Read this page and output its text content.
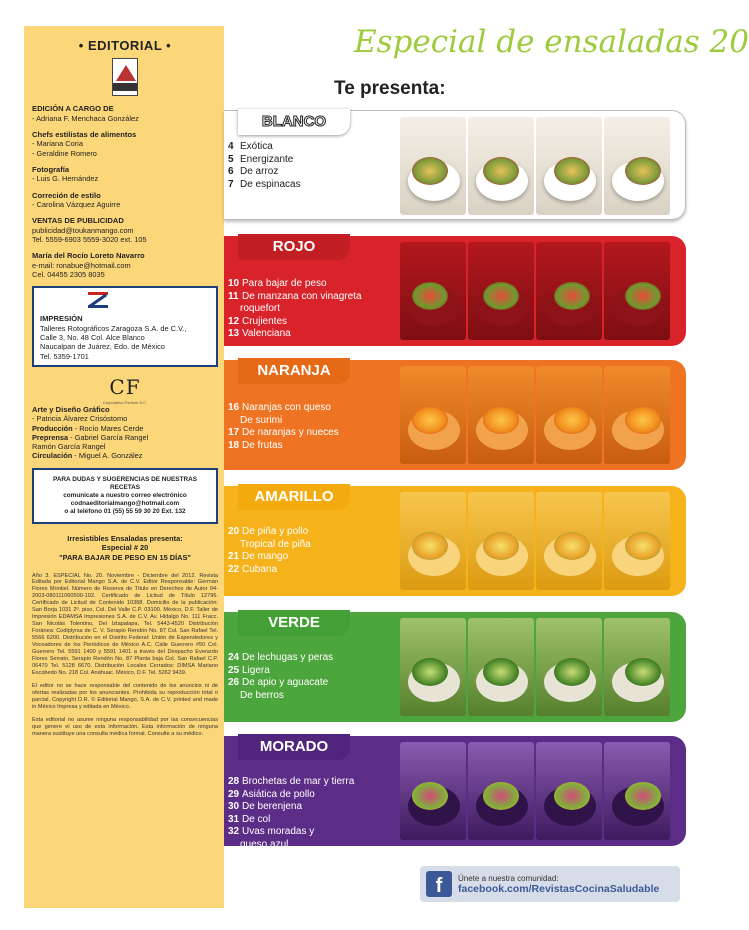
• EDITORIAL •
EDICIÓN A CARGO DE
- Adriana F. Menchaca González
Chefs estilistas de alimentos
- Mariana Coria
- Geraldine Romero
Fotografía
- Luis G. Hernández
Correción de estilo
- Carolina Vázquez Aguirre
VENTAS DE PUBLICIDAD
publicidad@toukanmango.com
Tel. 5559-6903 5559-3020 ext. 105
María del Rocío Loreto Navarro
e-mail: ronabue@hotmail.com
Cel. 04455 2305 8035
IMPRESIÓN
Talleres Rotográficos Zaragoza S.A. de C.V.,
Calle 3, No. 48 Col. Alce Blanco
Naucalpan de Juárez, Edo. de México
Tel. 5359-1701
CF
Corporativo Fortium S.C.
Arte y Diseño Gráfico
- Patricia Álvarez Crisóstomo
Producción - Rocío Mares Cerde
Preprensa - Gabriel García Rangel
Ramón García Rangel
Circulación - Miguel A. González
PARA DUDAS Y SUGERENCIAS DE NUESTRAS RECETAS
comunicate a nuestro correo electrónico
codnaeditorialmango@hotmail.com
o al teléfono 01 (55) 55 59 30 20 Ext. 132
Irresistibles Ensaladas presenta:
Especial # 20
"PARA BAJAR DE PESO EN 15 DÍAS"

Año 3. ESPECIAL No. 20. Noviembre - Diciembre del 2012. Revista Editada por Editorial Mango S.A. de C.V. Editor Responsable: Germán Flores Montiel. Número de Reserva de Título en Derechos de Autor 04-2003-080111060500-102. Certificado de Licitud de Título 12796. Certificado de Licitud de Contenido 10368. Domicilio de la publicación: San Borja 1031 2º. piso, Col. Del Valle C.P. 03100. México, D.F. Taller de Impresión EDAMSA Impresiones S.A. de C.V. Av. Hidalgo No. 111 Fracc. San Nicolás Tolentino, Del Iztapalapa, Tel. 5443-4520 Distribución Foránea: Codiplyrsa de C. V. Serapio Rendón No. 87 Col. San Rafael Tel. 5566 6200. Distribución en el Distrito Federal: Unión de Expendedores y Voceadores de los Periódicos de México A.C. Calle Guerrero #50 Col. Guerrero Tel. 5591 1400 y 5591 1401 a través del Despacho Everardo Flores Serrato, Serapio Rendón No. 87 Planta baja Col. San Rafael C.P. 06470 Tel. 5128 6670. Distribución Locales Cerrados: DIMSA Mariano Escobedo No. 218 Col. Anáhuac. México, D.F. Tel. 5262 9439.

El editor no se hace responsable del contenido de los anuncios ni de ofertas realizadas por los anunciantes. Prohibida su reproducción total o parcial. Copyright D.R. © Editorial Mango, S.A. de C.V. printed and made in México Impresa y editada en México.

Esta editorial no asume ninguna responsabilidad por las consecuencias que genere el uso de esta información. Esta información de ninguna manera sustituye una consulta médica formal. Consulte a su médico.

Especial de ensaladas 20
Te presenta:
BLANCO
4 Exótica
5 Energizante
6 De arroz
7 De espinacas
ROJO
10 Para bajar de peso
11 De manzana con vinagreta
roquefort
12 Crujientes
13 Valenciana
NARANJA
16 Naranjas con queso
De surimi
17 De naranjas y nueces
18 De frutas
AMARILLO
20 De piña y pollo
Tropical de piña
21 De mango
22 Cubana
VERDE
24 De lechugas y peras
25 Ligera
26 De apio y aguacate
De berros
MORADO
28 Brochetas de mar y tierra
29 Asiática de pollo
30 De berenjena
31 De col
32 Uvas moradas y
queso azul
f	Únete a nuestra comunidad:
facebook.com/RevistasCocinaSaludable
